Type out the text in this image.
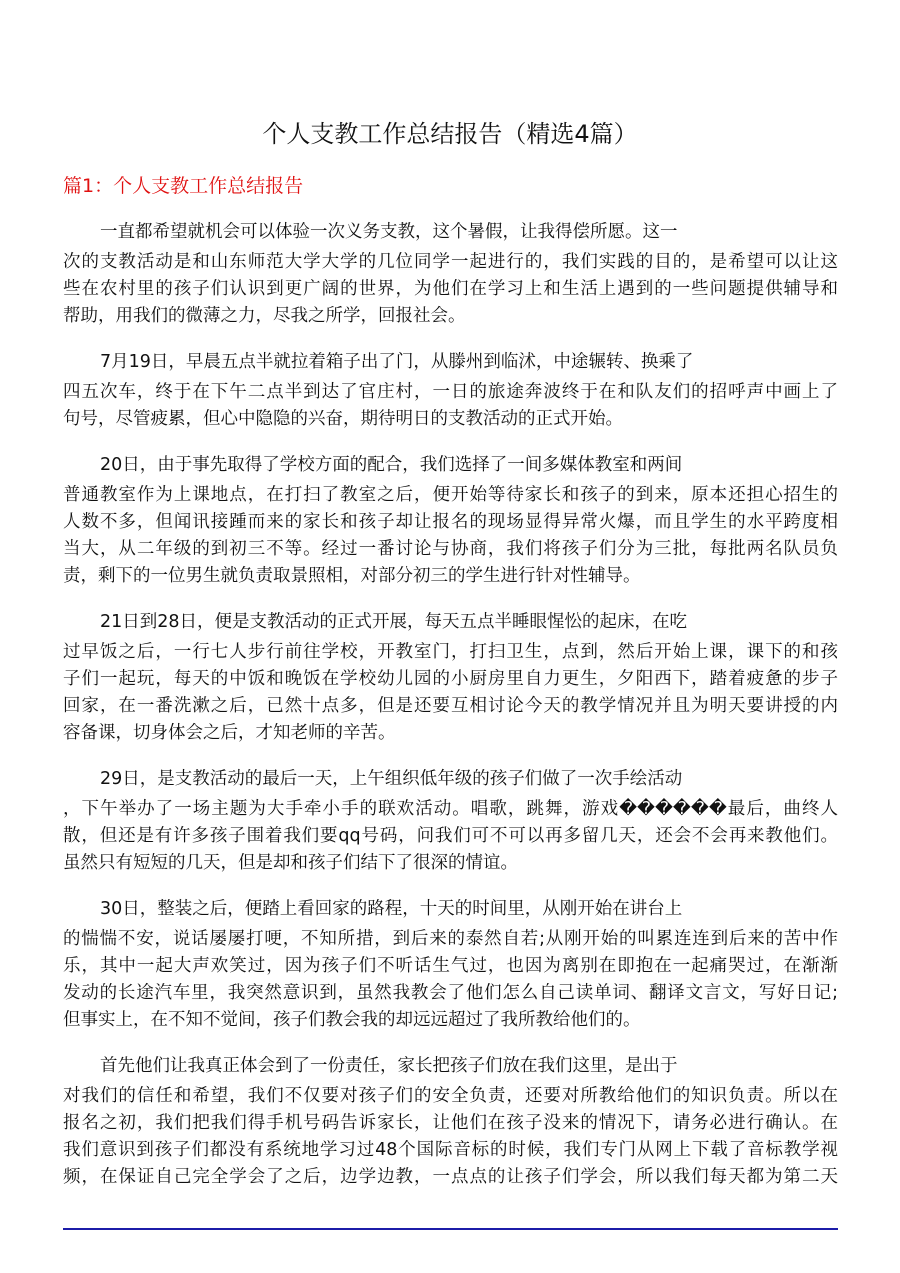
个人支教工作总结报告（精选4篇）
篇1：个人支教工作总结报告
一直都希望就机会可以体验一次义务支教，这个暑假，让我得偿所愿。这一
次的支教活动是和山东师范大学大学的几位同学一起进行的，我们实践的目的，是希望可以让这
些在农村里的孩子们认识到更广阔的世界，为他们在学习上和生活上遇到的一些问题提供辅导和
帮助，用我们的微薄之力，尽我之所学，回报社会。
7月19日，早晨五点半就拉着箱子出了门，从滕州到临沭，中途辗转、换乘了
四五次车，终于在下午二点半到达了官庄村，一日的旅途奔波终于在和队友们的招呼声中画上了
句号，尽管疲累，但心中隐隐的兴奋，期待明日的支教活动的正式开始。
20日，由于事先取得了学校方面的配合，我们选择了一间多媒体教室和两间
普通教室作为上课地点，在打扫了教室之后，便开始等待家长和孩子的到来，原本还担心招生的
人数不多，但闻讯接踵而来的家长和孩子却让报名的现场显得异常火爆，而且学生的水平跨度相
当大，从二年级的到初三不等。经过一番讨论与协商，我们将孩子们分为三批，每批两名队员负
责，剩下的一位男生就负责取景照相，对部分初三的学生进行针对性辅导。
21日到28日，便是支教活动的正式开展，每天五点半睡眼惺忪的起床，在吃
过早饭之后，一行七人步行前往学校，开教室门，打扫卫生，点到，然后开始上课，课下的和孩
子们一起玩，每天的中饭和晚饭在学校幼儿园的小厨房里自力更生，夕阳西下，踏着疲惫的步子
回家，在一番洗漱之后，已然十点多，但是还要互相讨论今天的教学情况并且为明天要讲授的内
容备课，切身体会之后，才知老师的辛苦。
29日，是支教活动的最后一天，上午组织低年级的孩子们做了一次手绘活动
，下午举办了一场主题为大手牵小手的联欢活动。唱歌，跳舞，游戏������最后，曲终人
散，但还是有许多孩子围着我们要qq号码，问我们可不可以再多留几天，还会不会再来教他们。
虽然只有短短的几天，但是却和孩子们结下了很深的情谊。
30日，整装之后，便踏上看回家的路程，十天的时间里，从刚开始在讲台上
的惴惴不安，说话屡屡打哽，不知所措，到后来的泰然自若;从刚开始的叫累连连到后来的苦中作
乐，其中一起大声欢笑过，因为孩子们不听话生气过，也因为离别在即抱在一起痛哭过，在渐渐
发动的长途汽车里，我突然意识到，虽然我教会了他们怎么自己读单词、翻译文言文，写好日记;
但事实上，在不知不觉间，孩子们教会我的却远远超过了我所教给他们的。
首先他们让我真正体会到了一份责任，家长把孩子们放在我们这里，是出于
对我们的信任和希望，我们不仅要对孩子们的安全负责，还要对所教给他们的知识负责。所以在
报名之初，我们把我们得手机号码告诉家长，让他们在孩子没来的情况下，请务必进行确认。在
我们意识到孩子们都没有系统地学习过48个国际音标的时候，我们专门从网上下载了音标教学视
频，在保证自己完全学会了之后，边学边教，一点点的让孩子们学会，所以我们每天都为第二天
